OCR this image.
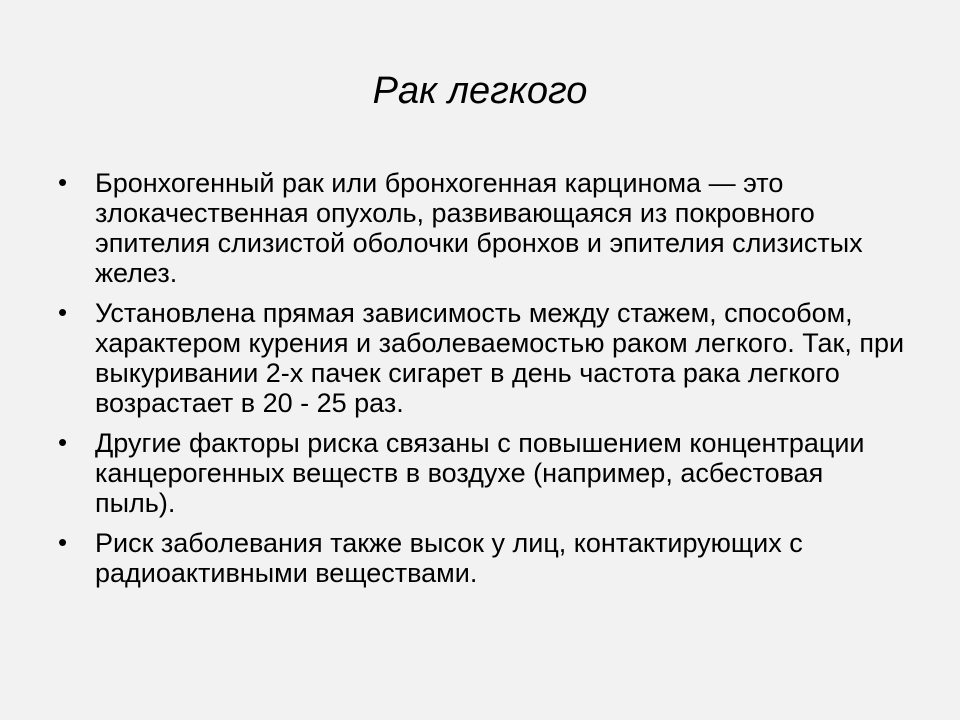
Рак легкого
• Бронхогенный рак или бронхогенная карцинома — это злокачественная опухоль, развивающаяся из покровного эпителия слизистой оболочки бронхов и эпителия слизистых желез.
• Установлена прямая зависимость между стажем, способом, характером курения и заболеваемостью раком легкого. Так, при выкуривании 2-х пачек сигарет в день частота рака легкого возрастает в 20 - 25 раз.
• Другие факторы риска связаны с повышением концентрации канцерогенных веществ в воздухе (например, асбестовая пыль).
• Риск заболевания также высок у лиц, контактирующих с радиоактивными веществами.
